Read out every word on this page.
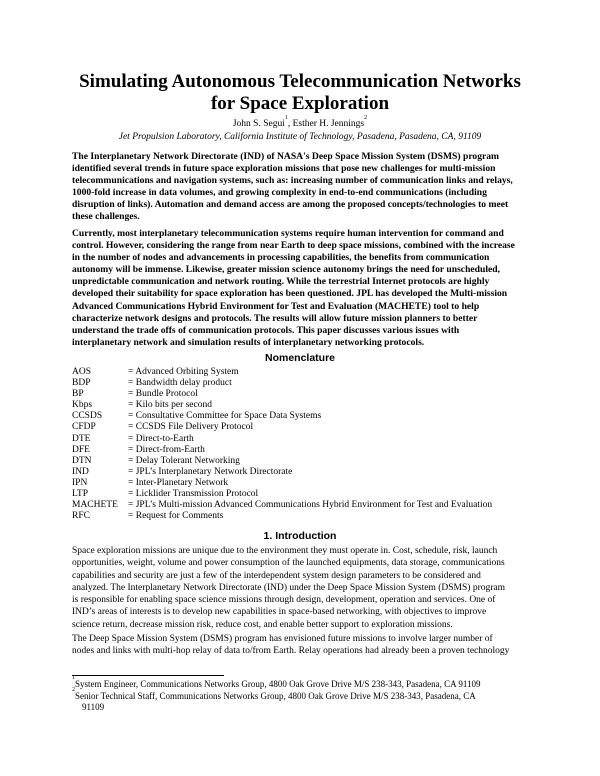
Simulating Autonomous Telecommunication Networks
for Space Exploration
John S. Segui$^1$, Esther H. Jennings$^2$
Jet Propulsion Laboratory, California Institute of Technology, Pasadena, Pasadena, CA, 91109
The Interplanetary Network Directorate (IND) of NASA's Deep Space Mission System (DSMS) program
identified several trends in future space exploration missions that pose new challenges for multi-mission
telecommunications and navigation systems, such as: increasing number of communication links and relays,
1000-fold increase in data volumes, and growing complexity in end-to-end communications (including
disruption of links). Automation and demand access are among the proposed concepts/technologies to meet
these challenges.
Currently, most interplanetary telecommunication systems require human intervention for command and
control. However, considering the range from near Earth to deep space missions, combined with the increase
in the number of nodes and advancements in processing capabilities, the benefits from communication
autonomy will be immense. Likewise, greater mission science autonomy brings the need for unscheduled,
unpredictable communication and network routing. While the terrestrial Internet protocols are highly
developed their suitability for space exploration has been questioned. JPL has developed the Multi-mission
Advanced Communications Hybrid Environment for Test and Evaluation (MACHETE) tool to help
characterize network designs and protocols. The results will allow future mission planners to better
understand the trade offs of communication protocols. This paper discusses various issues with
interplanetary network and simulation results of interplanetary networking protocols.
Nomenclature
AOS	= Advanced Orbiting System
BDP	= Bandwidth delay product
BP	= Bundle Protocol
Kbps	= Kilo bits per second
CCSDS	= Consultative Committee for Space Data Systems
CFDP	= CCSDS File Delivery Protocol
DTE	= Direct-to-Earth
DFE	= Direct-from-Earth
DTN	= Delay Tolerant Networking
IND	= JPL’s Interplanetary Network Directorate
IPN	= Inter-Planetary Network
LTP	= Licklider Transmission Protocol
MACHETE	= JPL’s Multi-mission Advanced Communications Hybrid Environment for Test and Evaluation
RFC	= Request for Comments
1. Introduction
Space exploration missions are unique due to the environment they must operate in. Cost, schedule, risk, launch
opportunities, weight, volume and power consumption of the launched equipments, data storage, communications
capabilities and security are just a few of the interdependent system design parameters to be considered and
analyzed. The Interplanetary Network Directorate (IND) under the Deep Space Mission System (DSMS) program
is responsible for enabling space science missions through design, development, operation and services. One of
IND’s areas of interests is to develop new capabilities in space-based networking, with objectives to improve
science return, decrease mission risk, reduce cost, and enable better support to exploration missions.
The Deep Space Mission System (DSMS) program has envisioned future missions to involve larger number of
nodes and links with multi-hop relay of data to/from Earth. Relay operations had already been a proven technology
$^1$System Engineer, Communications Networks Group, 4800 Oak Grove Drive M/S 238-343, Pasadena, CA 91109
$^2$Senior Technical Staff, Communications Networks Group, 4800 Oak Grove Drive M/S 238-343, Pasadena, CA
91109
